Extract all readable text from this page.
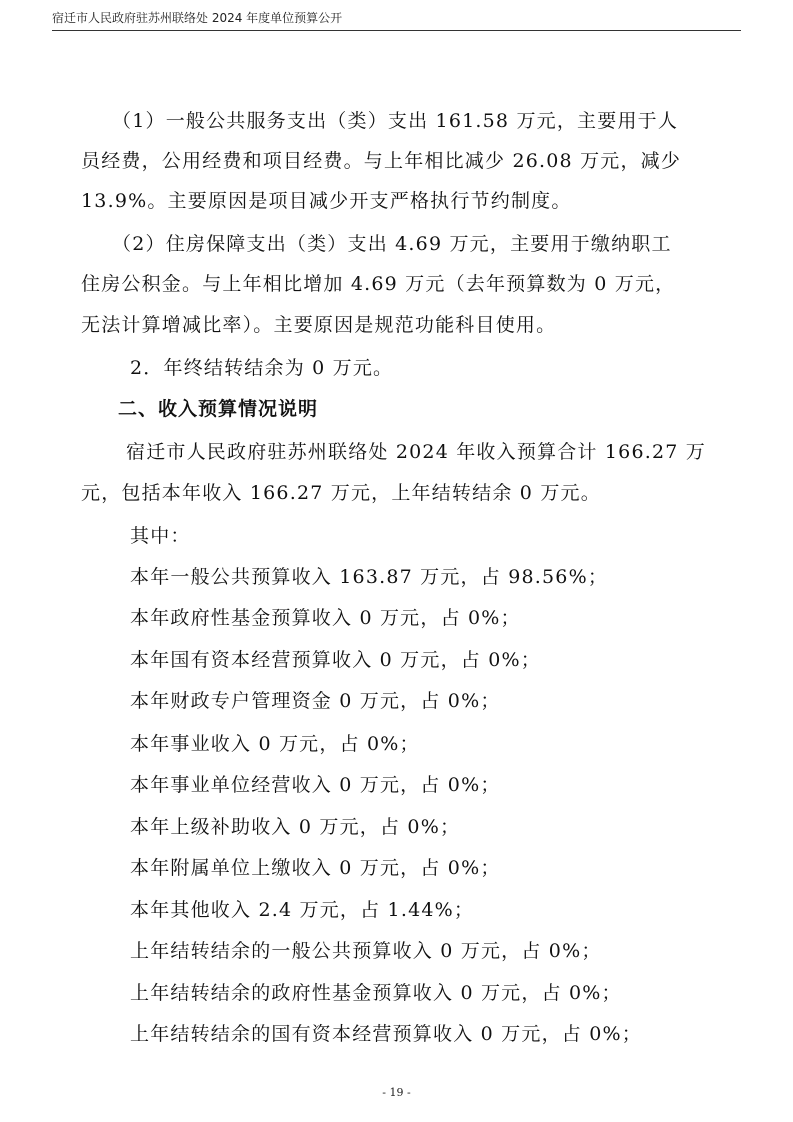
宿迁市人民政府驻苏州联络处 2024 年度单位预算公开
（1）一般公共服务支出（类）支出 161.58 万元，主要用于人
员经费，公用经费和项目经费。与上年相比减少 26.08 万元，减少
13.9%。主要原因是项目减少开支严格执行节约制度。
（2）住房保障支出（类）支出 4.69 万元，主要用于缴纳职工
住房公积金。与上年相比增加 4.69 万元（去年预算数为 0 万元，
无法计算增减比率）。主要原因是规范功能科目使用。
2．年终结转结余为 0 万元。
二、收入预算情况说明
宿迁市人民政府驻苏州联络处 2024 年收入预算合计 166.27 万
元，包括本年收入 166.27 万元，上年结转结余 0 万元。
其中：
本年一般公共预算收入 163.87 万元，占 98.56%；
本年政府性基金预算收入 0 万元，占 0%；
本年国有资本经营预算收入 0 万元，占 0%；
本年财政专户管理资金 0 万元，占 0%；
本年事业收入 0 万元，占 0%；
本年事业单位经营收入 0 万元，占 0%；
本年上级补助收入 0 万元，占 0%；
本年附属单位上缴收入 0 万元，占 0%；
本年其他收入 2.4 万元，占 1.44%；
上年结转结余的一般公共预算收入 0 万元，占 0%；
上年结转结余的政府性基金预算收入 0 万元，占 0%；
上年结转结余的国有资本经营预算收入 0 万元，占 0%；
- 19 -
